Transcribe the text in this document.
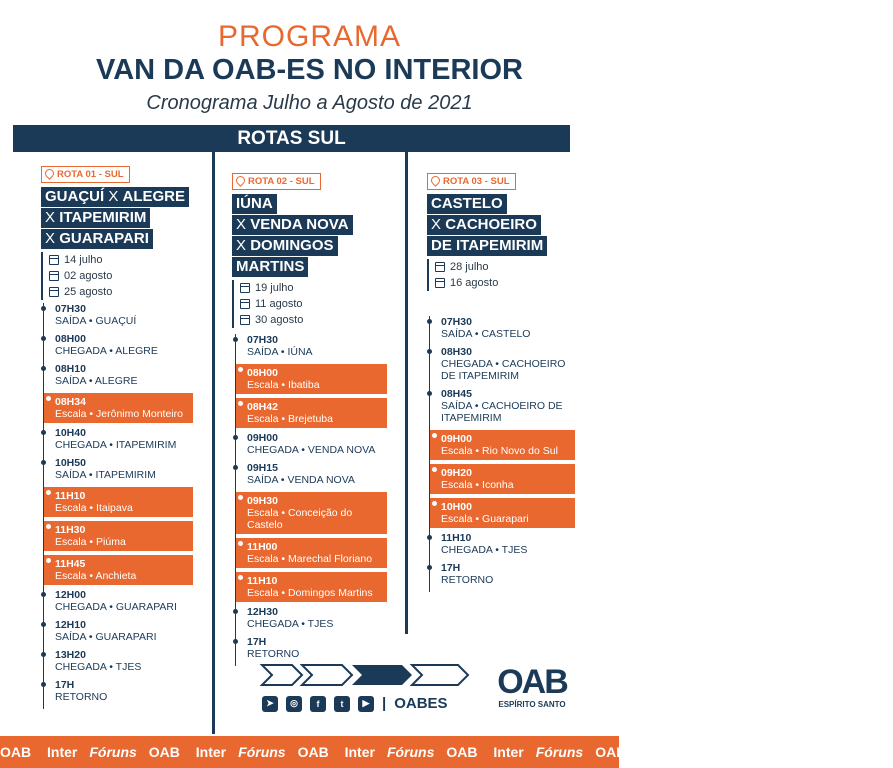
PROGRAMA
VAN DA OAB-ES NO INTERIOR
Cronograma Julho a Agosto de 2021
ROTAS SUL
ROTA 01 - SUL
GUAÇUÍ X ALEGRE
X ITAPEMIRIM
X GUARAPARI
14 julho
02 agosto
25 agosto
ROTA 02 - SUL
IÚNA
X VENDA NOVA
X DOMINGOS
MARTINS
19 julho
11 agosto
30 agosto
ROTA 03 - SUL
CASTELO
X CACHOEIRO
DE ITAPEMIRIM
28 julho
16 agosto
07H30
SAÍDA • GUAÇUÍ
08H00
CHEGADA • ALEGRE
08H10
SAÍDA • ALEGRE
08H34
Escala • Jerônimo Monteiro
10H40
CHEGADA • ITAPEMIRIM
10H50
SAÍDA • ITAPEMIRIM
11H10
Escala • Itaipava
11H30
Escala • Piúma
11H45
Escala • Anchieta
12H00
CHEGADA • GUARAPARI
12H10
SAÍDA • GUARAPARI
13H20
CHEGADA • TJES
17H
RETORNO
07H30
SAÍDA • IÚNA
08H00
Escala • Ibatiba
08H42
Escala • Brejetuba
09H00
CHEGADA • VENDA NOVA
09H15
SAÍDA • VENDA NOVA
09H30
Escala • Conceição do Castelo
11H00
Escala • Marechal Floriano
11H10
Escala • Domingos Martins
12H30
CHEGADA • TJES
17H
RETORNO
07H30
SAÍDA • CASTELO
08H30
CHEGADA • CACHOEIRO DE ITAPEMIRIM
08H45
SAÍDA • CACHOEIRO DE ITAPEMIRIM
09H00
Escala • Rio Novo do Sul
09H20
Escala • Iconha
10H00
Escala • Guarapari
11H10
CHEGADA • TJES
17H
RETORNO
➤	◎	f	t	▶ | OABES
OAB
ESPÍRITO SANTO
OAB Inter Fóruns OAB Inter Fóruns OAB Inter Fóruns OAB Inter Fóruns OAB Inter Fóruns OAB Inter Fóruns
